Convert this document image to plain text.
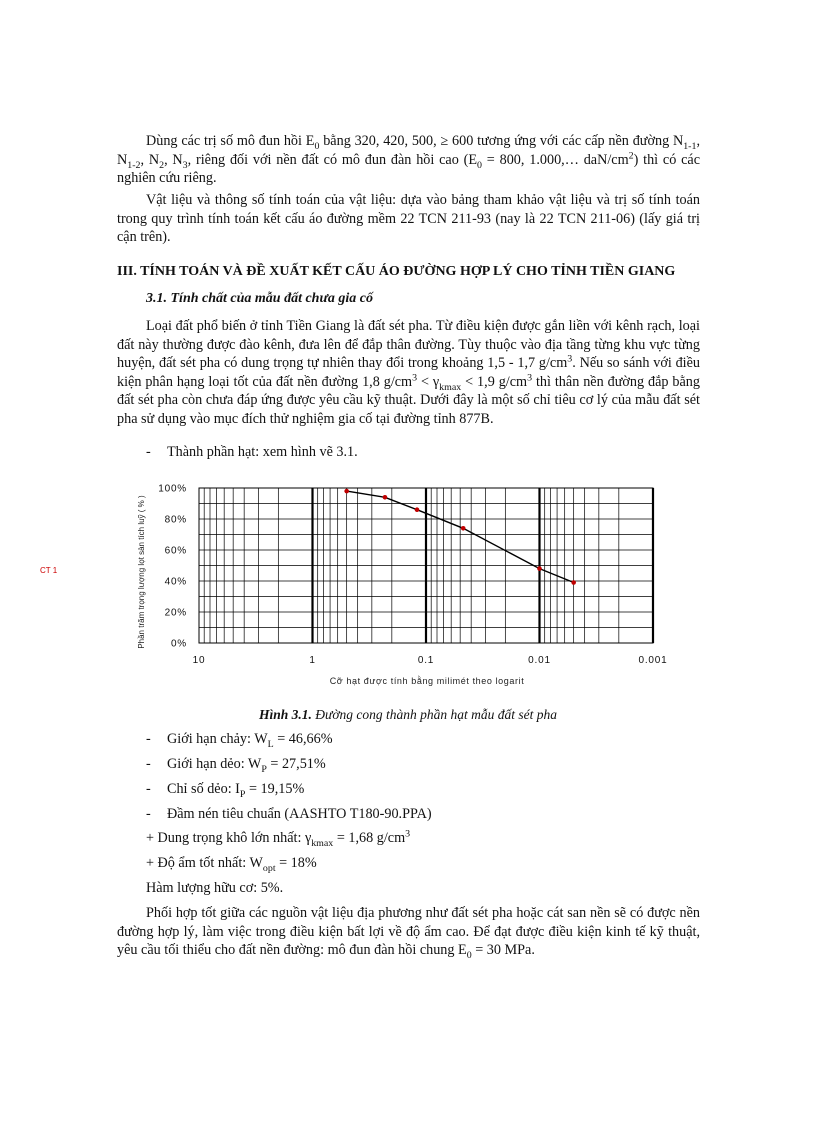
Dùng các trị số mô đun hồi $E_0$ bằng 320, 420, 500, ≥ 600 tương ứng với các cấp nền đường $N_{1-1}$, $N_{1-2}$, $N_2$, $N_3$, riêng đối với nền đất có mô đun đàn hồi cao ($E_0 = 800$, 1.000,… daN/$cm^2$) thì có các nghiên cứu riêng.
Vật liệu và thông số tính toán của vật liệu: dựa vào bảng tham khảo vật liệu và trị số tính toán trong quy trình tính toán kết cấu áo đường mềm 22 TCN 211-93 (nay là 22 TCN 211-06) (lấy giá trị cận trên).
III. TÍNH TOÁN VÀ ĐỀ XUẤT KẾT CẤU ÁO ĐƯỜNG HỢP LÝ CHO TỈNH TIỀN GIANG
3.1. Tính chất của mẫu đất chưa gia cố
Loại đất phổ biến ở tỉnh Tiền Giang là đất sét pha. Từ điều kiện được gắn liền với kênh rạch, loại đất này thường được đào kênh, đưa lên để đắp thân đường. Tùy thuộc vào địa tầng từng khu vực từng huyện, đất sét pha có dung trọng tự nhiên thay đổi trong khoảng 1,5 - 1,7 $g/cm^3$. Nếu so sánh với điều kiện phân hạng loại tốt của đất nền đường 1,8 $g/cm^3 < \gamma_{kmax} < 1,9$ $g/cm^3$ thì thân nền đường đắp bằng đất sét pha còn chưa đáp ứng được yêu cầu kỹ thuật. Dưới đây là một số chỉ tiêu cơ lý của mẫu đất sét pha sử dụng vào mục đích thử nghiệm gia cố tại đường tỉnh 877B.
- Thành phần hạt: xem hình vẽ 3.1.
CT 1
0%
20%
40%
60%
80%
100%
10	1	0.1	0.01	0.001
Phần trăm trọng lượng lọt sàn tích luỹ ( % )
Cỡ hạt được tính bằng milimét theo logarit
Hình 3.1. Đường cong thành phần hạt mẫu đất sét pha
- Giới hạn chảy: $W_L = 46,66\%$
- Giới hạn dẻo: $W_P = 27,51\%$
- Chỉ số dẻo: $I_P = 19,15\%$
- Đầm nén tiêu chuẩn (AASHTO T180-90.PPA)
+ Dung trọng khô lớn nhất: $\gamma_{kmax} = 1,68$ $g/cm^3$
+ Độ ẩm tốt nhất: $W_{opt} = 18\%$
Hàm lượng hữu cơ: 5%.
Phối hợp tốt giữa các nguồn vật liệu địa phương như đất sét pha hoặc cát san nền sẽ có được nền đường hợp lý, làm việc trong điều kiện bất lợi về độ ẩm cao. Để đạt được điều kiện kinh tế kỹ thuật, yêu cầu tối thiểu cho đất nền đường: mô đun đàn hồi chung $E_0 = 30$ MPa.
